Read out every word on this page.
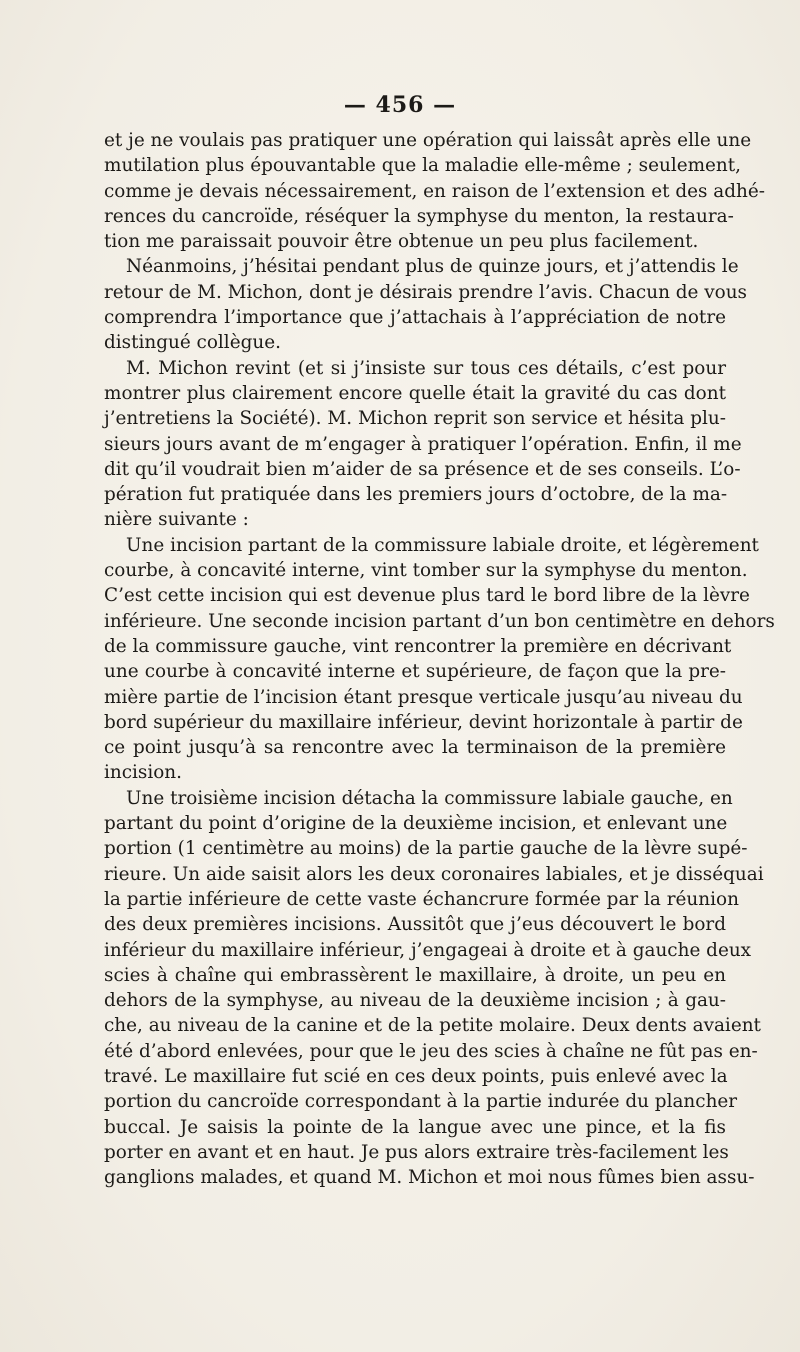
— 456 —
et je ne voulais pas pratiquer une opération qui laissât après elle une
mutilation plus épouvantable que la maladie elle-même ; seulement,
comme je devais nécessairement, en raison de l’extension et des adhé-
rences du cancroïde, réséquer la symphyse du menton, la restaura-
tion me paraissait pouvoir être obtenue un peu plus facilement.
Néanmoins, j’hésitai pendant plus de quinze jours, et j’attendis le
retour de M. Michon, dont je désirais prendre l’avis. Chacun de vous
comprendra l’importance que j’attachais à l’appréciation de notre
distingué collègue.
M. Michon revint (et si j’insiste sur tous ces détails, c’est pour
montrer plus clairement encore quelle était la gravité du cas dont
j’entretiens la Société). M. Michon reprit son service et hésita plu-
sieurs jours avant de m’engager à pratiquer l’opération. Enfin, il me
dit qu’il voudrait bien m’aider de sa présence et de ses conseils. L’o-
pération fut pratiquée dans les premiers jours d’octobre, de la ma-
nière suivante :
Une incision partant de la commissure labiale droite, et légèrement
courbe, à concavité interne, vint tomber sur la symphyse du menton.
C’est cette incision qui est devenue plus tard le bord libre de la lèvre
inférieure. Une seconde incision partant d’un bon centimètre en dehors
de la commissure gauche, vint rencontrer la première en décrivant
une courbe à concavité interne et supérieure, de façon que la pre-
mière partie de l’incision étant presque verticale jusqu’au niveau du
bord supérieur du maxillaire inférieur, devint horizontale à partir de
ce point jusqu’à sa rencontre avec la terminaison de la première
incision.
Une troisième incision détacha la commissure labiale gauche, en
partant du point d’origine de la deuxième incision, et enlevant une
portion (1 centimètre au moins) de la partie gauche de la lèvre supé-
rieure. Un aide saisit alors les deux coronaires labiales, et je disséquai
la partie inférieure de cette vaste échancrure formée par la réunion
des deux premières incisions. Aussitôt que j’eus découvert le bord
inférieur du maxillaire inférieur, j’engageai à droite et à gauche deux
scies à chaîne qui embrassèrent le maxillaire, à droite, un peu en
dehors de la symphyse, au niveau de la deuxième incision ; à gau-
che, au niveau de la canine et de la petite molaire. Deux dents avaient
été d’abord enlevées, pour que le jeu des scies à chaîne ne fût pas en-
travé. Le maxillaire fut scié en ces deux points, puis enlevé avec la
portion du cancroïde correspondant à la partie indurée du plancher
buccal. Je saisis la pointe de la langue avec une pince, et la fis
porter en avant et en haut. Je pus alors extraire très-facilement les
ganglions malades, et quand M. Michon et moi nous fûmes bien assu-
